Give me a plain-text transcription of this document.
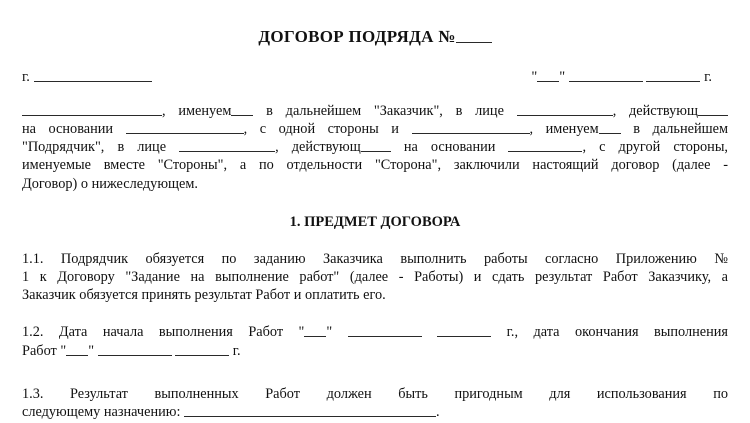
ДОГОВОР ПОДРЯДА №
г.	" "	г.
, именуем в дальнейшем "Заказчик", в лице	, действующ
на основании	, с одной стороны и	, именуем в дальнейшем
"Подрядчик", в лице	, действующ на основании	, с другой стороны,
именуемые вместе "Стороны", а по отдельности "Сторона", заключили настоящий договор (далее -
Договор) о нижеследующем.
1. ПРЕДМЕТ ДОГОВОРА
1.1. Подрядчик обязуется по заданию Заказчика выполнить работы согласно Приложению №
1 к Договору "Задание на выполнение работ" (далее - Работы) и сдать результат Работ Заказчику, а
Заказчик обязуется принять результат Работ и оплатить его.
1.2. Дата начала выполнения Работ " "	г., дата окончания выполнения
Работ " "	г.
1.3. Результат выполненных Работ должен быть пригодным для использования по
следующему назначению:	.
